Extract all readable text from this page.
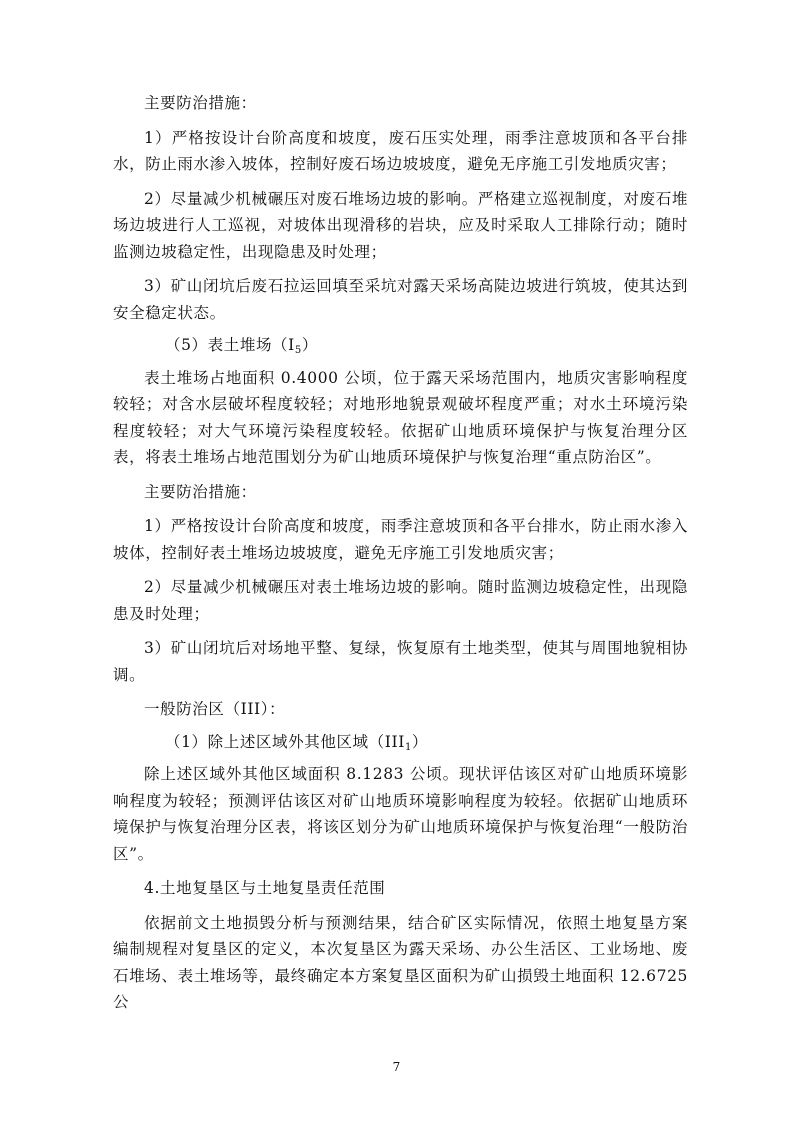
主要防治措施：

1）严格按设计台阶高度和坡度，废石压实处理，雨季注意坡顶和各平台排水，防止雨水渗入坡体，控制好废石场边坡坡度，避免无序施工引发地质灾害；

2）尽量减少机械碾压对废石堆场边坡的影响。严格建立巡视制度，对废石堆场边坡进行人工巡视，对坡体出现滑移的岩块，应及时采取人工排除行动；随时监测边坡稳定性，出现隐患及时处理；

3）矿山闭坑后废石拉运回填至采坑对露天采场高陡边坡进行筑坡，使其达到安全稳定状态。

（5）表土堆场$(I_5)$

表土堆场占地面积 0.4000 公顷，位于露天采场范围内，地质灾害影响程度较轻；对含水层破坏程度较轻；对地形地貌景观破坏程度严重；对水土环境污染程度较轻；对大气环境污染程度较轻。依据矿山地质环境保护与恢复治理分区表，将表土堆场占地范围划分为矿山地质环境保护与恢复治理“重点防治区”。

主要防治措施：

1）严格按设计台阶高度和坡度，雨季注意坡顶和各平台排水，防止雨水渗入坡体，控制好表土堆场边坡坡度，避免无序施工引发地质灾害；

2）尽量减少机械碾压对表土堆场边坡的影响。随时监测边坡稳定性，出现隐患及时处理；

3）矿山闭坑后对场地平整、复绿，恢复原有土地类型，使其与周围地貌相协调。

一般防治区（III）：

（1）除上述区域外其他区域$(III_1)$

除上述区域外其他区域面积 8.1283 公顷。现状评估该区对矿山地质环境影响程度为较轻；预测评估该区对矿山地质环境影响程度为较轻。依据矿山地质环境保护与恢复治理分区表，将该区划分为矿山地质环境保护与恢复治理“一般防治区”。

4.土地复垦区与土地复垦责任范围

依据前文土地损毁分析与预测结果，结合矿区实际情况，依照土地复垦方案编制规程对复垦区的定义，本次复垦区为露天采场、办公生活区、工业场地、废石堆场、表土堆场等，最终确定本方案复垦区面积为矿山损毁土地面积 12.6725 公

7
